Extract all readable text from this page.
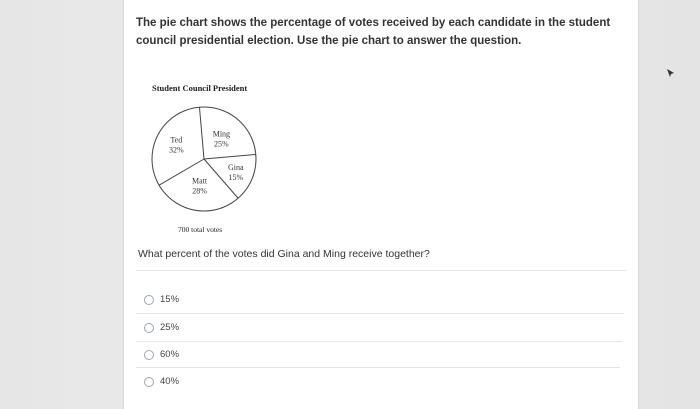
The pie chart shows the percentage of votes received by each candidate in the student council presidential election. Use the pie chart to answer the question.
Student Council President
Ming
25%
Gina
15%
Matt
28%
Ted
32%
700 total votes
What percent of the votes did Gina and Ming receive together?
15%
25%
60%
40%
